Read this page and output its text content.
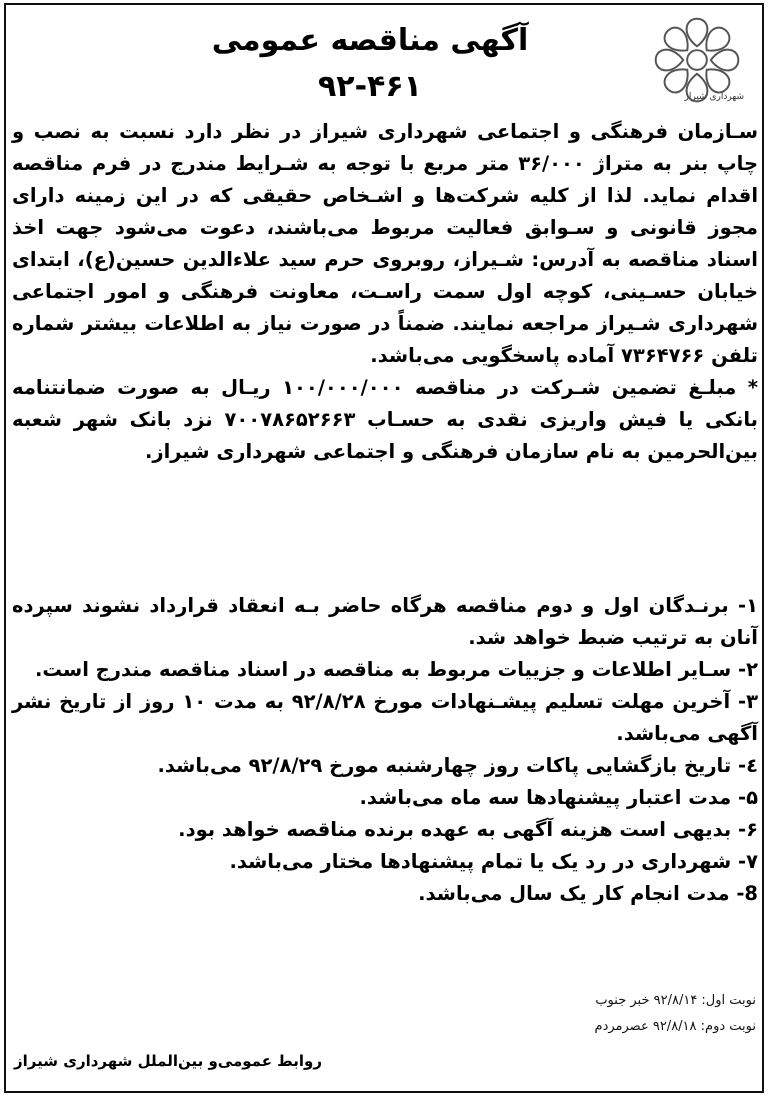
شهرداری شیراز
آگهی مناقصه عمومی
۹۲-۴۶۱

سـازمان فرهنگی و اجتماعی شهرداری شیراز در نظر دارد نسبت به نصب و چاپ بنر به متراژ ۳۶/۰۰۰ متر مربع با توجه به شـرایط مندرج در فرم مناقصه اقدام نماید. لذا از کلیه شرکت‌ها و اشـخاص حقیقی که در این زمینه دارای مجوز قانونی و سـوابق فعالیت مربوط می‌باشند، دعوت می‌شود جهت اخذ اسناد مناقصه به آدرس: شـیراز، روبروی حرم سید علاءالدین حسین(ع)، ابتدای خیابان حسـینی، کوچه اول سمت راسـت، معاونت فرهنگی و امور اجتماعی شهرداری شـیراز مراجعه نمایند. ضمناً در صورت نیاز به اطلاعات بیشتر شماره تلفن ۷۳۶۴۷۶۶ آماده پاسخگویی می‌باشد.

* مبلـغ تضمین شـرکت در مناقصه ۱۰۰/۰۰۰/۰۰۰ ریـال به صورت ضمانتنامه بانکی یا فیش واریزی نقدی به حسـاب ۷۰۰۷۸۶۵۲۶۶۳ نزد بانک شهر شعبه بین‌الحرمین به نام سازمان فرهنگی و اجتماعی شهرداری شیراز.

۱- برنـدگان اول و دوم مناقصه هرگاه حاضر بـه انعقاد قرارداد نشوند سپرده آنان به ترتیب ضبط خواهد شد.

۲- سـایر اطلاعات و جزییات مربوط به مناقصه در اسناد مناقصه مندرج است.

۳- آخرین مهلت تسلیم پیشـنهادات مورخ ۹۲/۸/۲۸ به مدت ۱۰ روز از تاریخ نشر آگهی می‌باشد.

٤- تاریخ بازگشایی پاکات روز چهارشنبه مورخ ۹۲/۸/۲۹ می‌باشد.

۵- مدت اعتبار پیشنهادها سه ماه می‌باشد.

۶- بدیهی است هزینه آگهی به عهده برنده مناقصه خواهد بود.

۷- شهرداری در رد یک یا تمام پیشنهادها مختار می‌باشد.

8- مدت انجام کار یک سال می‌باشد.

نوبت اول: ۹۲/۸/۱۴ خبر جنوب
نوبت دوم: ۹۲/۸/۱۸ عصرمردم
روابط عمومی‌و بین‌الملل شهرداری شیراز
